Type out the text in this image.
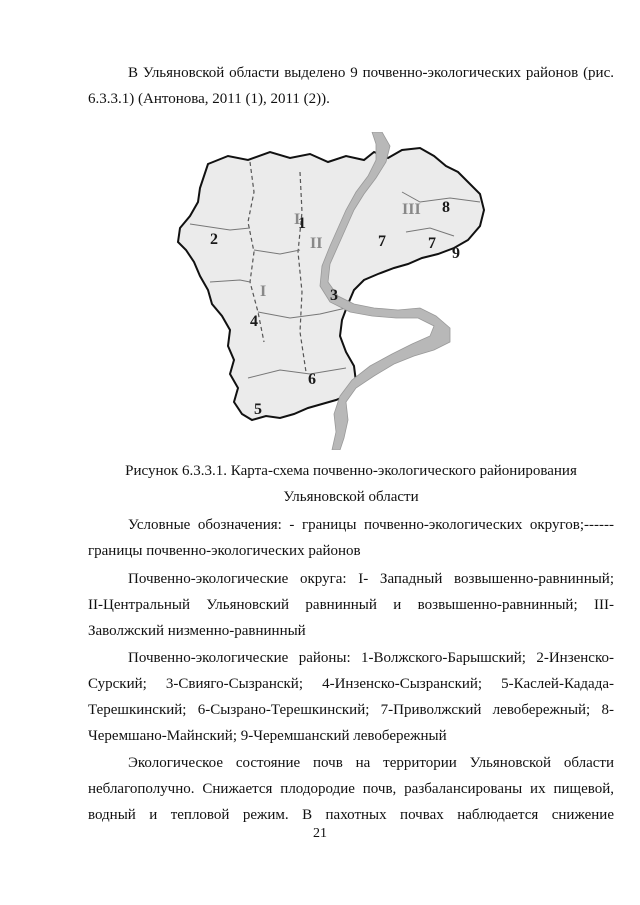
В Ульяновской области выделено 9 почвенно-экологических районов (рис. 6.3.3.1) (Антонова, 2011 (1), 2011 (2)).

I
I
II
III
1
2
3
4
5
6
7	7
8
9

Рисунок 6.3.3.1. Карта-схема почвенно-экологического районирования

Ульяновской области

Условные обозначения: - границы почвенно-экологических округов;------

границы почвенно-экологических районов

Почвенно-экологические округа: I- Западный возвышенно-равнинный;

II-Центральный Ульяновский равнинный и возвышенно-равнинный; III-

Заволжский низменно-равнинный

Почвенно-экологические районы: 1-Волжского-Барышский; 2-Инзенско-

Сурский; 3-Свияго-Сызранскй; 4-Инзенско-Сызранский; 5-Каслей-Кадада-

Терешкинский; 6-Сызрано-Терешкинский; 7-Приволжский левобережный; 8-

Черемшано-Майнский; 9-Черемшанский левобережный

Экологическое состояние почв на территории Ульяновской области

неблагополучно. Снижается плодородие почв, разбалансированы их пищевой,

водный и тепловой режим. В пахотных почвах наблюдается снижение

21
